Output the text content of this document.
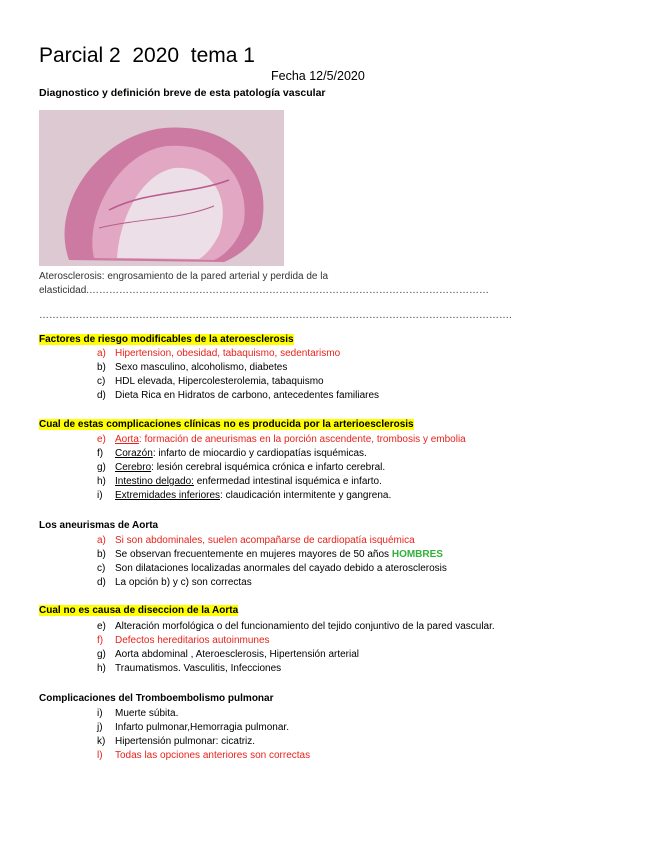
Parcial 2  2020  tema 1
Fecha 12/5/2020
Diagnostico y definición breve de esta patología vascular
Aterosclerosis: engrosamiento de la pared arterial y perdida de la
elasticidad.…………………………………………………………………………………………………………
…………………………………………………………………………………………………………………………….
Factores de riesgo modificables de la ateroesclerosis
a) Hipertension, obesidad, tabaquismo, sedentarismo
b) Sexo masculino, alcoholismo, diabetes
c) HDL elevada, Hipercolesterolemia, tabaquismo
d) Dieta Rica en Hidratos de carbono, antecedentes familiares
Cual de estas complicaciones clínicas no es producida por la arterioesclerosis
e) Aorta: formación de aneurismas en la porción ascendente, trombosis y embolia
f) Corazón: infarto de miocardio y cardiopatías isquémicas.
g) Cerebro: lesión cerebral isquémica crónica e infarto cerebral.
h) Intestino delgado: enfermedad intestinal isquémica e infarto.
i) Extremidades inferiores: claudicación intermitente y gangrena.
Los aneurismas de Aorta
a) Si son abdominales, suelen acompañarse de cardiopatía isquémica
b) Se observan frecuentemente en mujeres mayores de 50 años HOMBRES
c) Son dilataciones localizadas anormales del cayado debido a aterosclerosis
d) La opción b) y c) son correctas
Cual no es causa de diseccion de la Aorta
e) Alteración morfológica o del funcionamiento del tejido conjuntivo de la pared vascular.
f) Defectos hereditarios autoinmunes
g) Aorta abdominal , Ateroesclerosis, Hipertensión arterial
h) Traumatismos. Vasculitis, Infecciones
Complicaciones del Tromboembolismo pulmonar
i) Muerte súbita.
j) Infarto pulmonar,Hemorragia pulmonar.
k) Hipertensión pulmonar: cicatriz.
l) Todas las opciones anteriores son correctas
